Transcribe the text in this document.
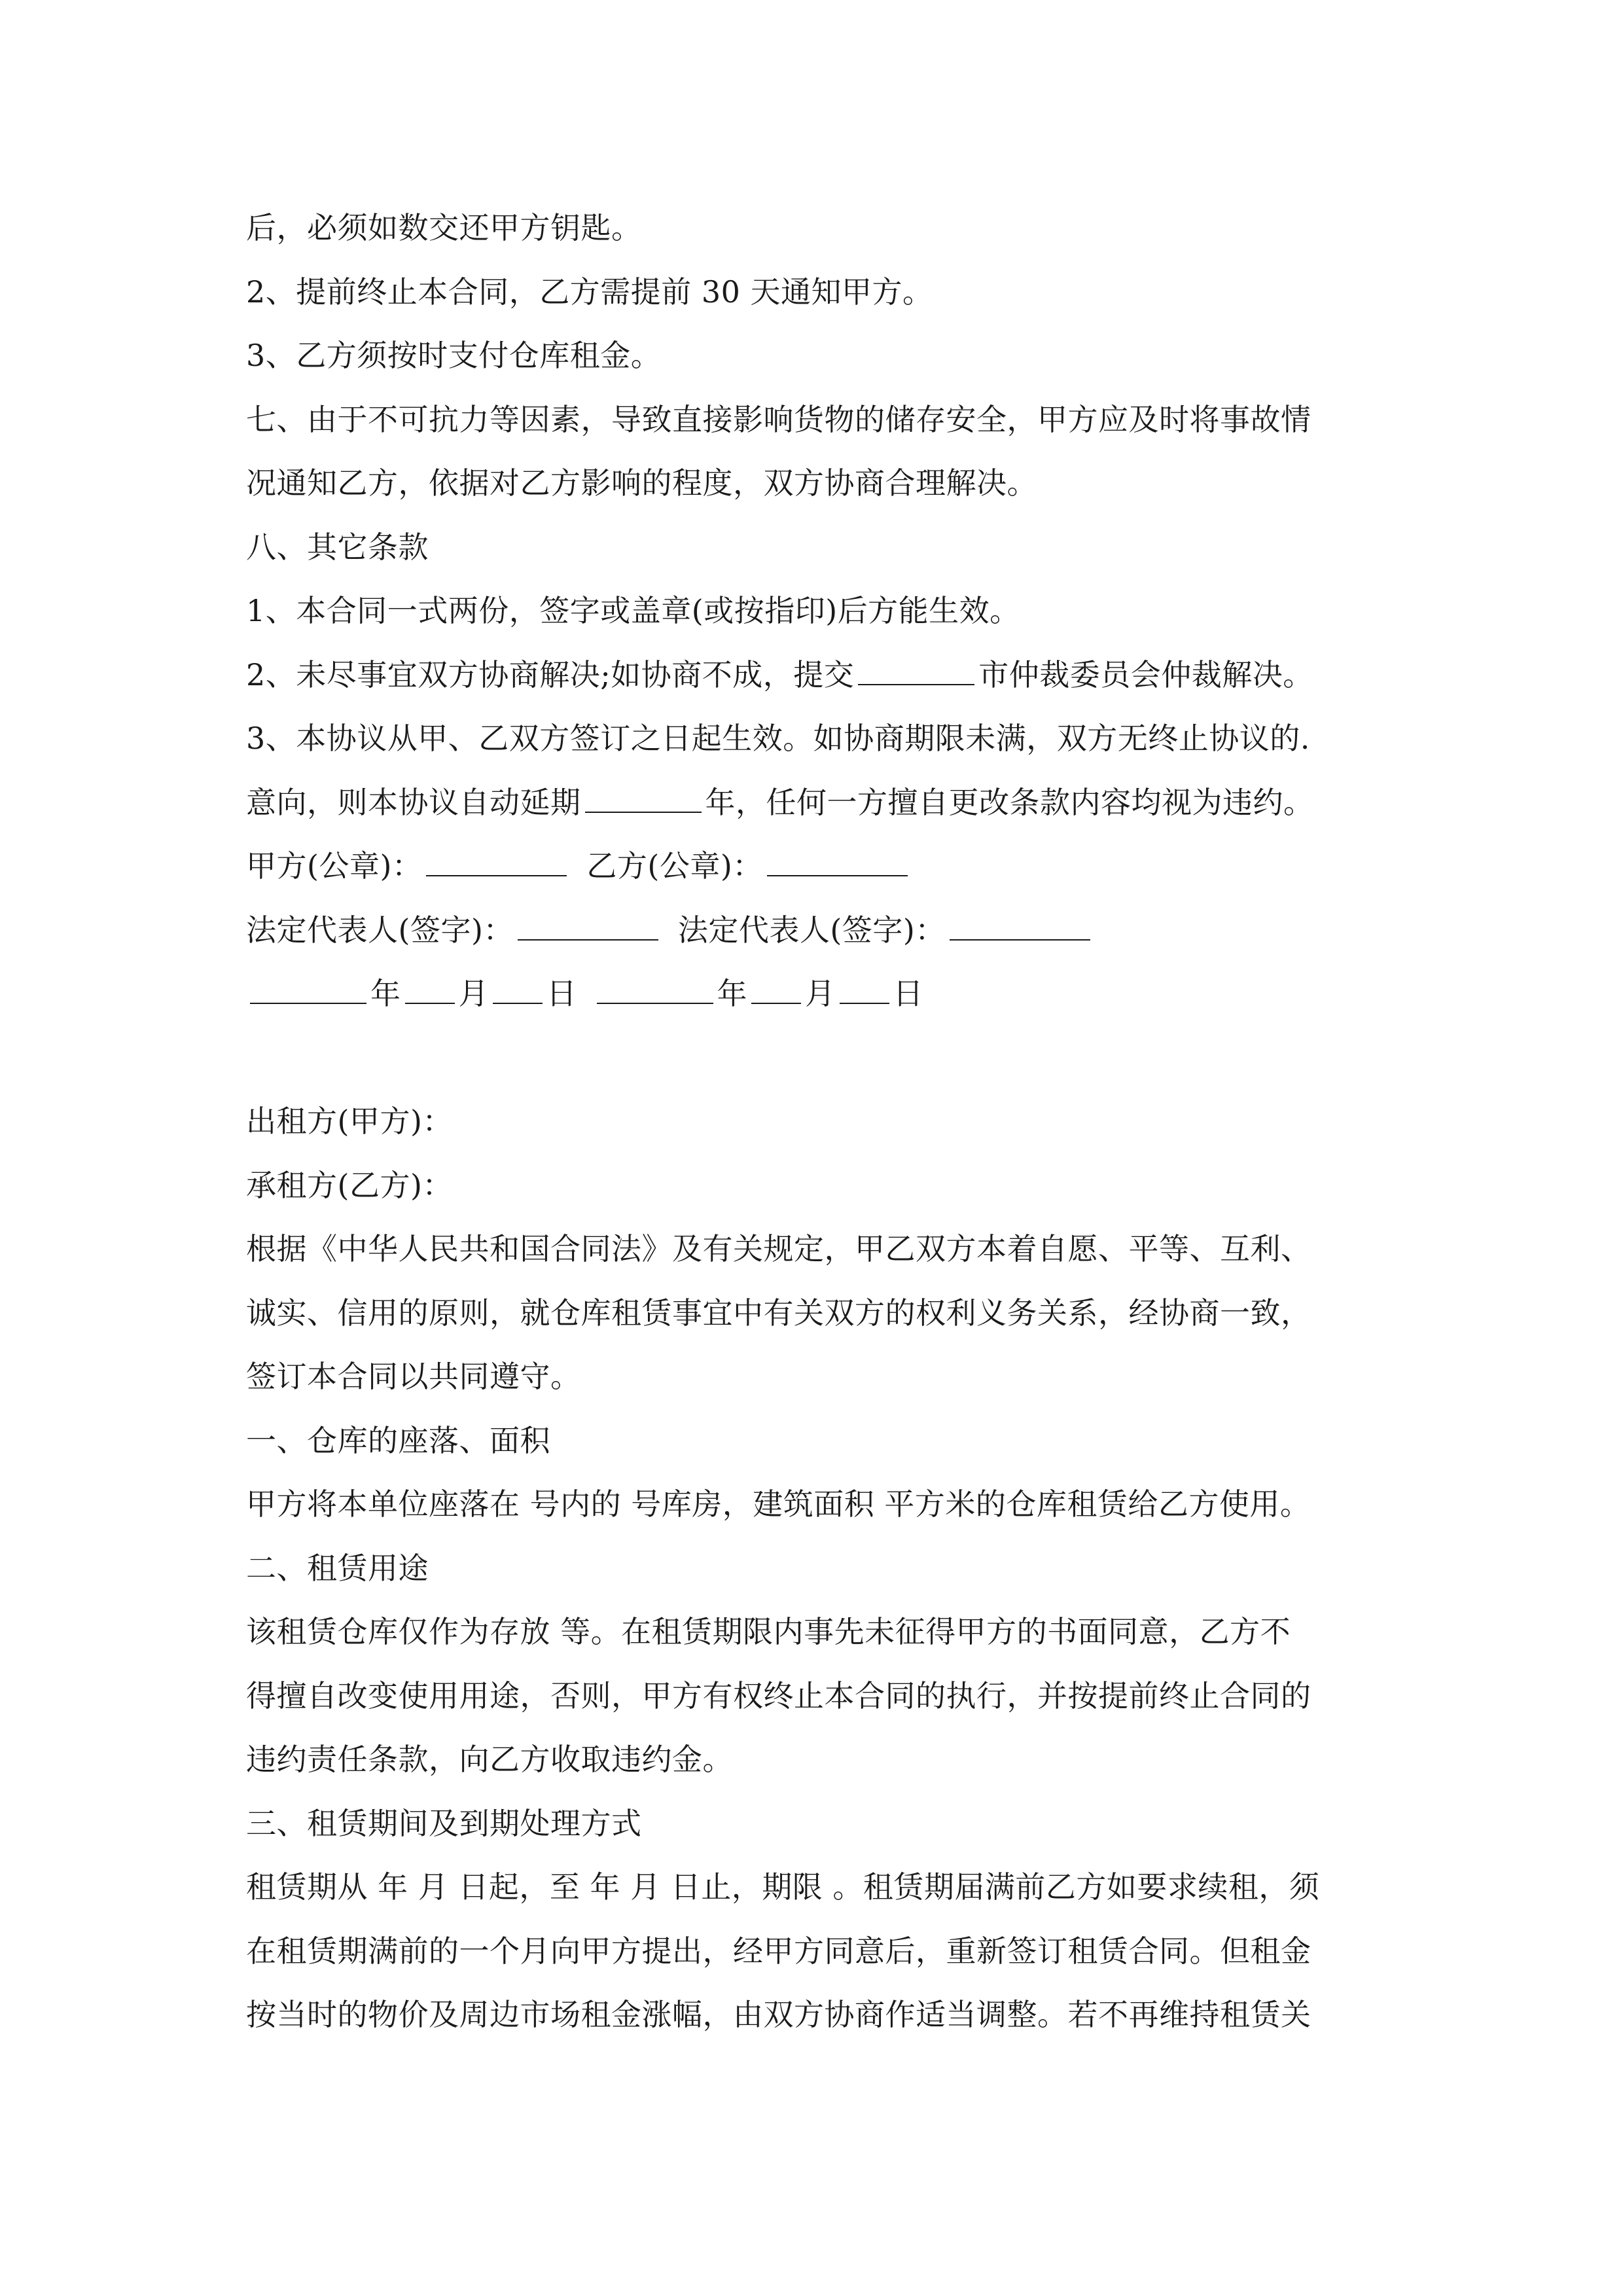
后，必须如数交还甲方钥匙。
2、提前终止本合同，乙方需提前 30 天通知甲方。
3、乙方须按时支付仓库租金。
七、由于不可抗力等因素，导致直接影响货物的储存安全，甲方应及时将事故情
况通知乙方，依据对乙方影响的程度，双方协商合理解决。
八、其它条款
1、本合同一式两份，签字或盖章(或按指印)后方能生效。
2、未尽事宜双方协商解决;如协商不成，提交	市仲裁委员会仲裁解决。
3、本协议从甲、乙双方签订之日起生效。如协商期限未满，双方无终止协议的.
意向，则本协议自动延期	年，任何一方擅自更改条款内容均视为违约。
甲方(公章)：	乙方(公章)：
法定代表人(签字)：	法定代表人(签字)：
年 月 日	年 月 日
出租方(甲方)：
承租方(乙方)：
根据《中华人民共和国合同法》及有关规定，甲乙双方本着自愿、平等、互利、
诚实、信用的原则，就仓库租赁事宜中有关双方的权利义务关系，经协商一致，
签订本合同以共同遵守。
一、仓库的座落、面积
甲方将本单位座落在 号内的 号库房，建筑面积 平方米的仓库租赁给乙方使用。
二、租赁用途
该租赁仓库仅作为存放 等。在租赁期限内事先未征得甲方的书面同意，乙方不
得擅自改变使用用途，否则，甲方有权终止本合同的执行，并按提前终止合同的
违约责任条款，向乙方收取违约金。
三、租赁期间及到期处理方式
租赁期从 年 月 日起，至 年 月 日止，期限 。租赁期届满前乙方如要求续租，须
在租赁期满前的一个月向甲方提出，经甲方同意后，重新签订租赁合同。但租金
按当时的物价及周边市场租金涨幅，由双方协商作适当调整。若不再维持租赁关
